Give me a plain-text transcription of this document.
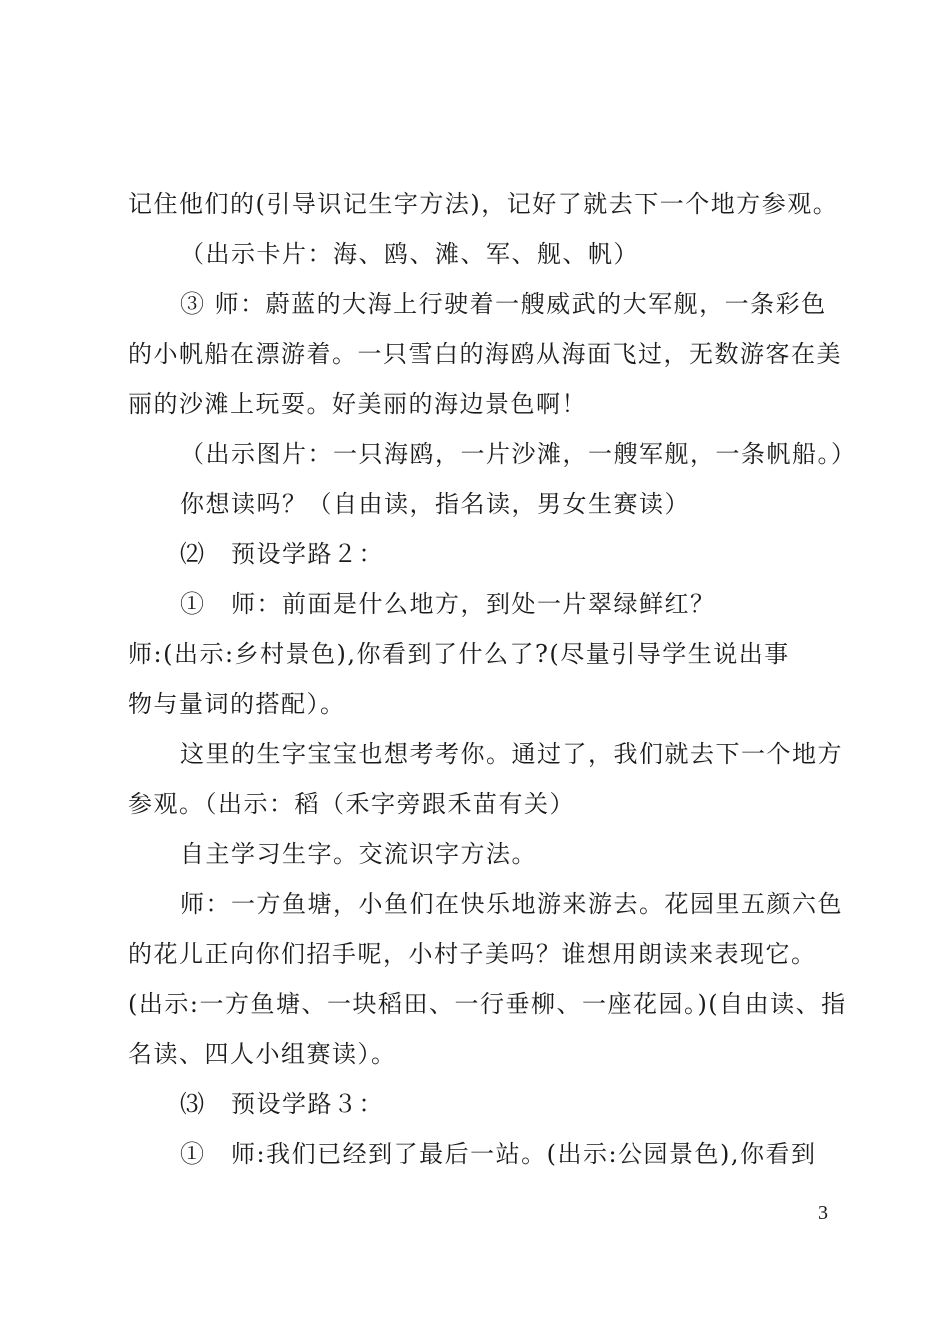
记住他们的(引导识记生字方法)，记好了就去下一个地方参观。
（出示卡片：海、鸥、滩、军、舰、帆）
③ 师：蔚蓝的大海上行驶着一艘威武的大军舰，一条彩色
的小帆船在漂游着。一只雪白的海鸥从海面飞过，无数游客在美
丽的沙滩上玩耍。好美丽的海边景色啊！
（出示图片：一只海鸥，一片沙滩，一艘军舰，一条帆船。）
你想读吗？（自由读，指名读，男女生赛读）
⑵　预设学路２：
①　师：前面是什么地方，到处一片翠绿鲜红？
师:(出示:乡村景色),你看到了什么了?(尽量引导学生说出事
物与量词的搭配）。
这里的生字宝宝也想考考你。通过了，我们就去下一个地方
参观。（出示：稻（禾字旁跟禾苗有关）
自主学习生字。交流识字方法。
师：一方鱼塘，小鱼们在快乐地游来游去。花园里五颜六色
的花儿正向你们招手呢，小村子美吗？谁想用朗读来表现它。
(出示:一方鱼塘、一块稻田、一行垂柳、一座花园。)(自由读、指
名读、四人小组赛读）。
⑶　预设学路３：
①　师:我们已经到了最后一站。(出示:公园景色),你看到
3
